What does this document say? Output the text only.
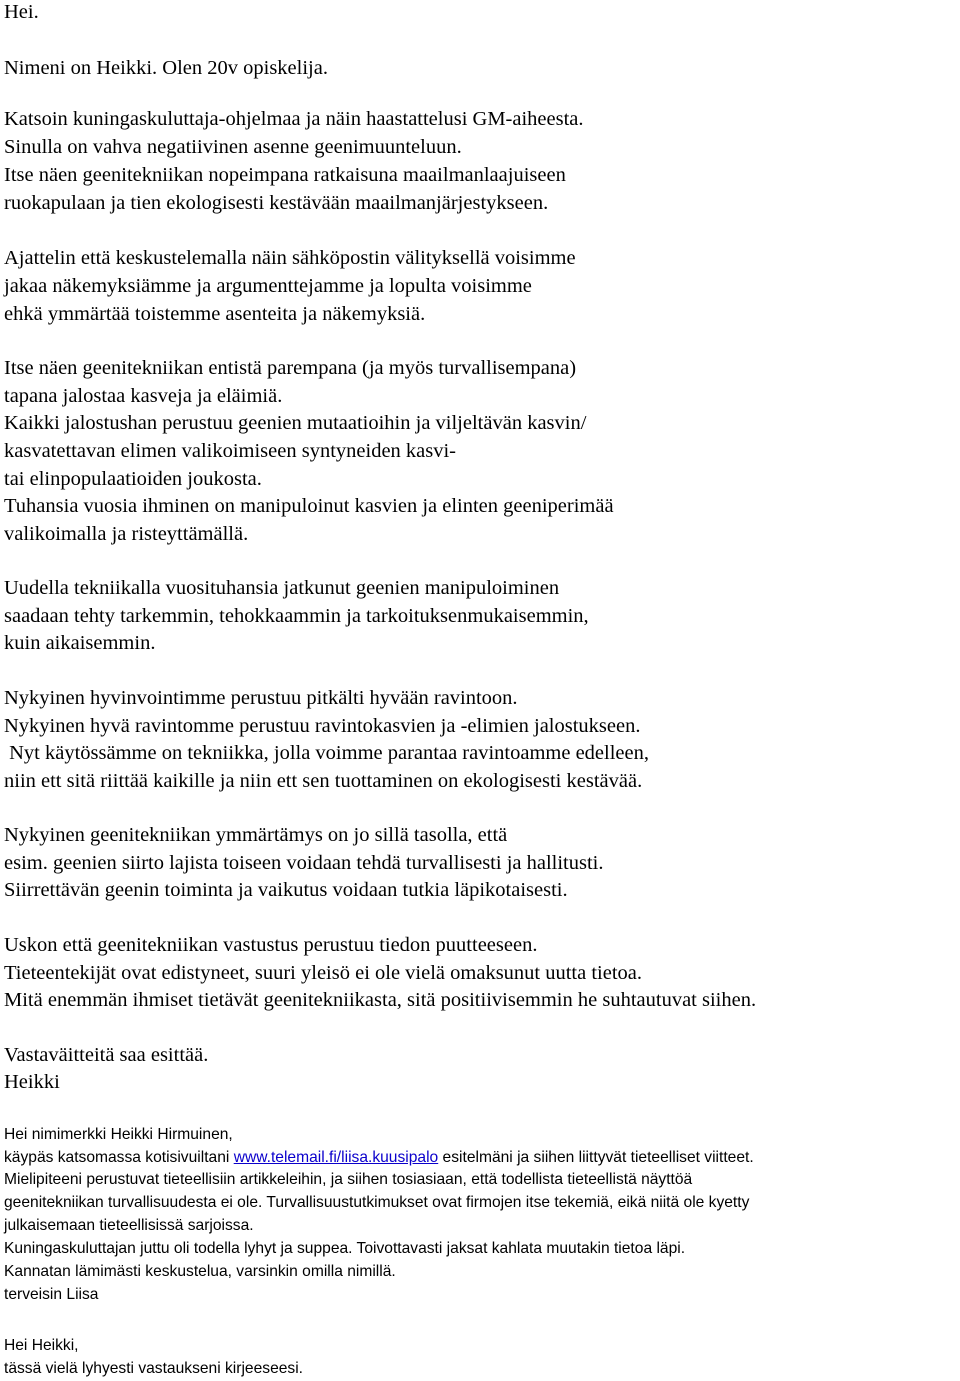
Hei.
Nimeni on Heikki. Olen 20v opiskelija.
Katsoin kuningaskuluttaja-ohjelmaa ja näin haastattelusi GM-aiheesta.
Sinulla on vahva negatiivinen asenne geenimuunteluun.
Itse näen geenitekniikan nopeimpana ratkaisuna maailmanlaajuiseen
ruokapulaan ja tien ekologisesti kestävään maailmanjärjestykseen.
Ajattelin että keskustelemalla näin sähköpostin välityksellä voisimme
jakaa näkemyksiämme ja argumenttejamme ja lopulta voisimme
ehkä ymmärtää toistemme asenteita ja näkemyksiä.
Itse näen geenitekniikan entistä parempana (ja myös turvallisempana)
tapana jalostaa kasveja ja eläimiä.
Kaikki jalostushan perustuu geenien mutaatioihin ja viljeltävän kasvin/
kasvatettavan elimen valikoimiseen syntyneiden kasvi-
tai elinpopulaatioiden joukosta.
Tuhansia vuosia ihminen on manipuloinut kasvien ja elinten geeniperimää
valikoimalla ja risteyttämällä.
Uudella tekniikalla vuosituhansia jatkunut geenien manipuloiminen
saadaan tehty tarkemmin, tehokkaammin ja tarkoituksenmukaisemmin,
kuin aikaisemmin.
Nykyinen hyvinvointimme perustuu pitkälti hyvään ravintoon.
Nykyinen hyvä ravintomme perustuu ravintokasvien ja -elimien jalostukseen.
Nyt käytössämme on tekniikka, jolla voimme parantaa ravintoamme edelleen,
niin ett sitä riittää kaikille ja niin ett sen tuottaminen on ekologisesti kestävää.
Nykyinen geenitekniikan ymmärtämys on jo sillä tasolla, että
esim. geenien siirto lajista toiseen voidaan tehdä turvallisesti ja hallitusti.
Siirrettävän geenin toiminta ja vaikutus voidaan tutkia läpikotaisesti.
Uskon että geenitekniikan vastustus perustuu tiedon puutteeseen.
Tieteentekijät ovat edistyneet, suuri yleisö ei ole vielä omaksunut uutta tietoa.
Mitä enemmän ihmiset tietävät geenitekniikasta, sitä positiivisemmin he suhtautuvat siihen.
Vastaväitteitä saa esittää.
Heikki
Hei nimimerkki Heikki Hirmuinen,
käypäs katsomassa kotisivuiltani www.telemail.fi/liisa.kuusipalo esitelmäni ja siihen liittyvät tieteelliset viitteet.
Mielipiteeni perustuvat tieteellisiin artikkeleihin, ja siihen tosiasiaan, että todellista tieteellistä näyttöä
geenitekniikan turvallisuudesta ei ole. Turvallisuustutkimukset ovat firmojen itse tekemiä, eikä niitä ole kyetty
julkaisemaan tieteellisissä sarjoissa.
Kuningaskuluttajan juttu oli todella lyhyt ja suppea. Toivottavasti jaksat kahlata muutakin tietoa läpi.
Kannatan lämimästi keskustelua, varsinkin omilla nimillä.
terveisin Liisa
Hei Heikki,
tässä vielä lyhyesti vastaukseni kirjeeseesi.
